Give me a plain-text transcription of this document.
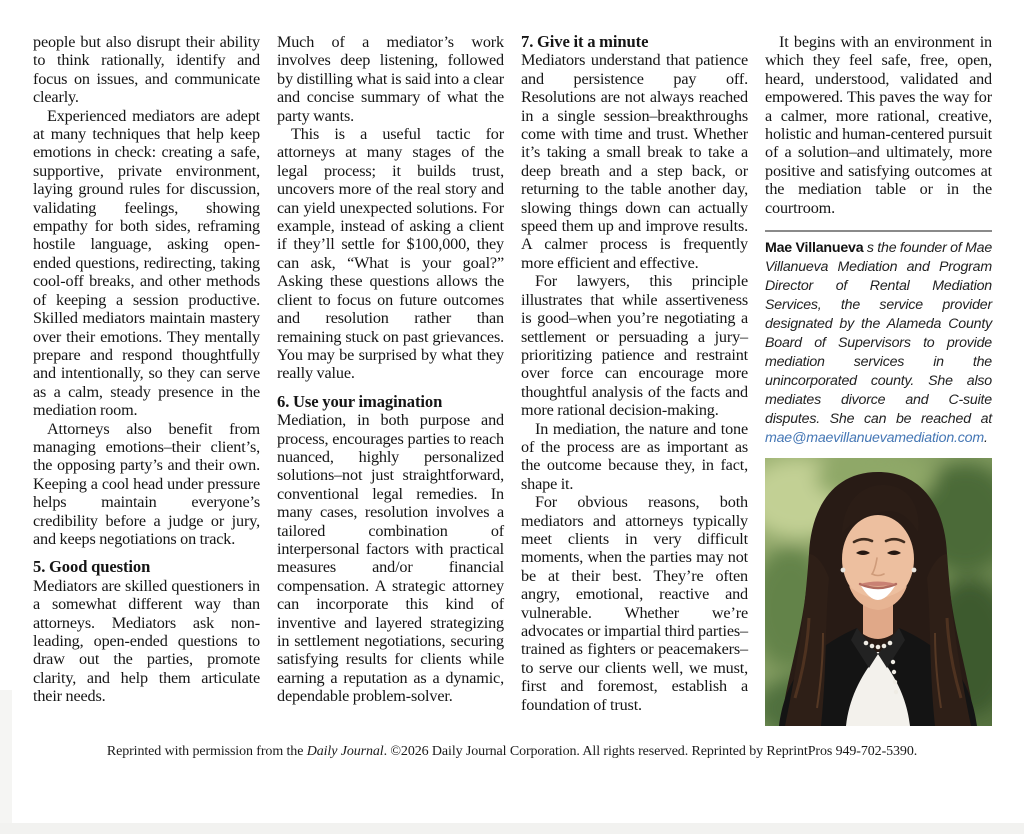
people but also disrupt their ability to think rationally, identify and focus on issues, and communicate clearly.

Experienced mediators are adept at many techniques that help keep emotions in check: creating a safe, supportive, private environment, laying ground rules for discussion, validating feelings, showing empathy for both sides, reframing hostile language, asking open-ended questions, redirecting, taking cool-off breaks, and other methods of keeping a session productive. Skilled mediators maintain mastery over their emotions. They mentally prepare and respond thoughtfully and intentionally, so they can serve as a calm, steady presence in the mediation room.

Attorneys also benefit from managing emotions–their client’s, the opposing party’s and their own. Keeping a cool head under pressure helps maintain everyone’s credibility before a judge or jury, and keeps negotiations on track.

5. Good question

Mediators are skilled questioners in a somewhat different way than attorneys. Mediators ask non-leading, open-ended questions to draw out the parties, promote clarity, and help them articulate their needs.

Much of a mediator’s work involves deep listening, followed by distilling what is said into a clear and concise summary of what the party wants.

This is a useful tactic for attorneys at many stages of the legal process; it builds trust, uncovers more of the real story and can yield unexpected solutions. For example, instead of asking a client if they’ll settle for $100,000, they can ask, “What is your goal?” Asking these questions allows the client to focus on future outcomes and resolution rather than remaining stuck on past grievances. You may be surprised by what they really value.

6. Use your imagination

Mediation, in both purpose and process, encourages parties to reach nuanced, highly personalized solutions–not just straightforward, conventional legal remedies. In many cases, resolution involves a tailored combination of interpersonal factors with practical measures and/or financial compensation. A strategic attorney can incorporate this kind of inventive and layered strategizing in settlement negotiations, securing satisfying results for clients while earning a reputation as a dynamic, dependable problem-solver.

7. Give it a minute

Mediators understand that patience and persistence pay off. Resolutions are not always reached in a single session–breakthroughs come with time and trust. Whether it’s taking a small break to take a deep breath and a step back, or returning to the table another day, slowing things down can actually speed them up and improve results. A calmer process is frequently more efficient and effective.

For lawyers, this principle illustrates that while assertiveness is good–when you’re negotiating a settlement or persuading a jury–prioritizing patience and restraint over force can encourage more thoughtful analysis of the facts and more rational decision-making.

In mediation, the nature and tone of the process are as important as the outcome because they, in fact, shape it.

For obvious reasons, both mediators and attorneys typically meet clients in very difficult moments, when the parties may not be at their best. They’re often angry, emotional, reactive and vulnerable. Whether we’re advocates or impartial third parties–trained as fighters or peacemakers–to serve our clients well, we must, first and foremost, establish a foundation of trust.

It begins with an environment in which they feel safe, free, open, heard, understood, validated and empowered. This paves the way for a calmer, more rational, creative, holistic and human-centered pursuit of a solution–and ultimately, more positive and satisfying outcomes at the mediation table or in the courtroom.

Mae Villanueva s the founder of Mae Villanueva Mediation and Program Director of Rental Mediation Services, the service provider designated by the Alameda County Board of Supervisors to provide mediation services in the unincorporated county. She also mediates divorce and C-suite disputes. She can be reached at mae@maevillanuevamediation.com.
Reprinted with permission from the Daily Journal. ©2026 Daily Journal Corporation. All rights reserved. Reprinted by ReprintPros 949-702-5390.
